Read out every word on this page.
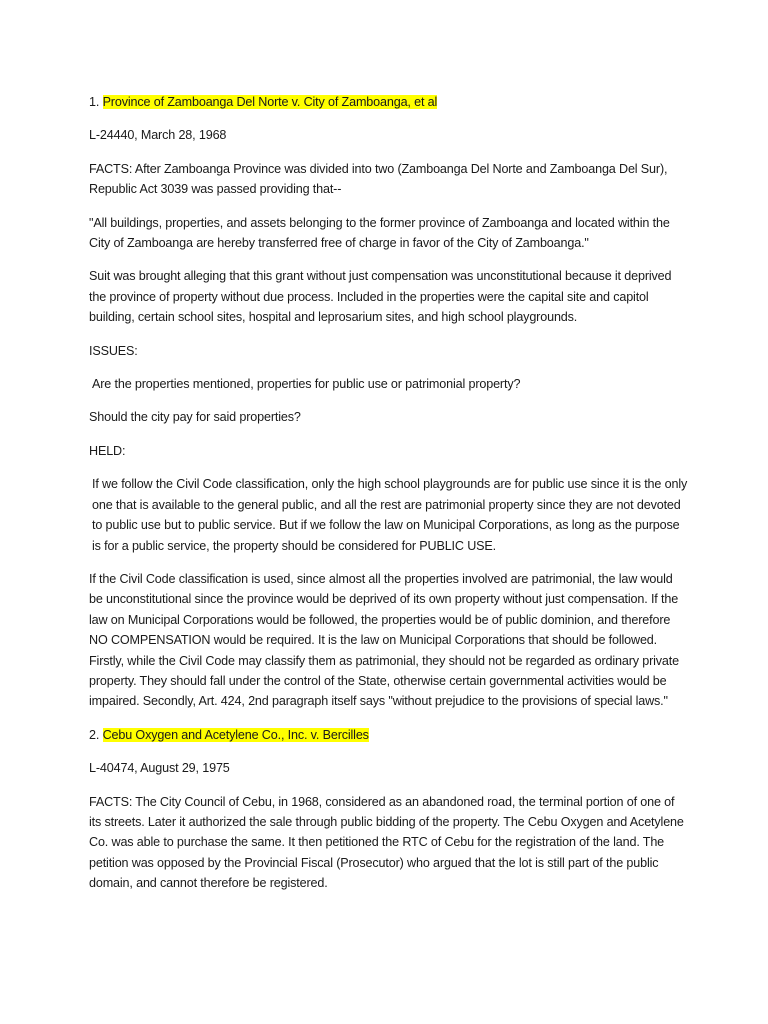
1. Province of Zamboanga Del Norte v. City of Zamboanga, et al

L-24440, March 28, 1968

FACTS: After Zamboanga Province was divided into two (Zamboanga Del Norte and Zamboanga Del Sur), Republic Act 3039 was passed providing that--

"All buildings, properties, and assets belonging to the former province of Zamboanga and located within the City of Zamboanga are hereby transferred free of charge in favor of the City of Zamboanga."

Suit was brought alleging that this grant without just compensation was unconstitutional because it deprived the province of property without due process. Included in the properties were the capital site and capitol building, certain school sites, hospital and leprosarium sites, and high school playgrounds.

ISSUES:

Are the properties mentioned, properties for public use or patrimonial property?

Should the city pay for said properties?

HELD:

If we follow the Civil Code classification, only the high school playgrounds are for public use since it is the only one that is available to the general public, and all the rest are patrimonial property since they are not devoted to public use but to public service. But if we follow the law on Municipal Corporations, as long as the purpose is for a public service, the property should be considered for PUBLIC USE.

If the Civil Code classification is used, since almost all the properties involved are patrimonial, the law would be unconstitutional since the province would be deprived of its own property without just compensation. If the law on Municipal Corporations would be followed, the properties would be of public dominion, and therefore NO COMPENSATION would be required. It is the law on Municipal Corporations that should be followed. Firstly, while the Civil Code may classify them as patrimonial, they should not be regarded as ordinary private property. They should fall under the control of the State, otherwise certain governmental activities would be impaired. Secondly, Art. 424, 2nd paragraph itself says "without prejudice to the provisions of special laws."

2. Cebu Oxygen and Acetylene Co., Inc. v. Bercilles

L-40474, August 29, 1975

FACTS: The City Council of Cebu, in 1968, considered as an abandoned road, the terminal portion of one of its streets. Later it authorized the sale through public bidding of the property. The Cebu Oxygen and Acetylene Co. was able to purchase the same. It then petitioned the RTC of Cebu for the registration of the land. The petition was opposed by the Provincial Fiscal (Prosecutor) who argued that the lot is still part of the public domain, and cannot therefore be registered.
